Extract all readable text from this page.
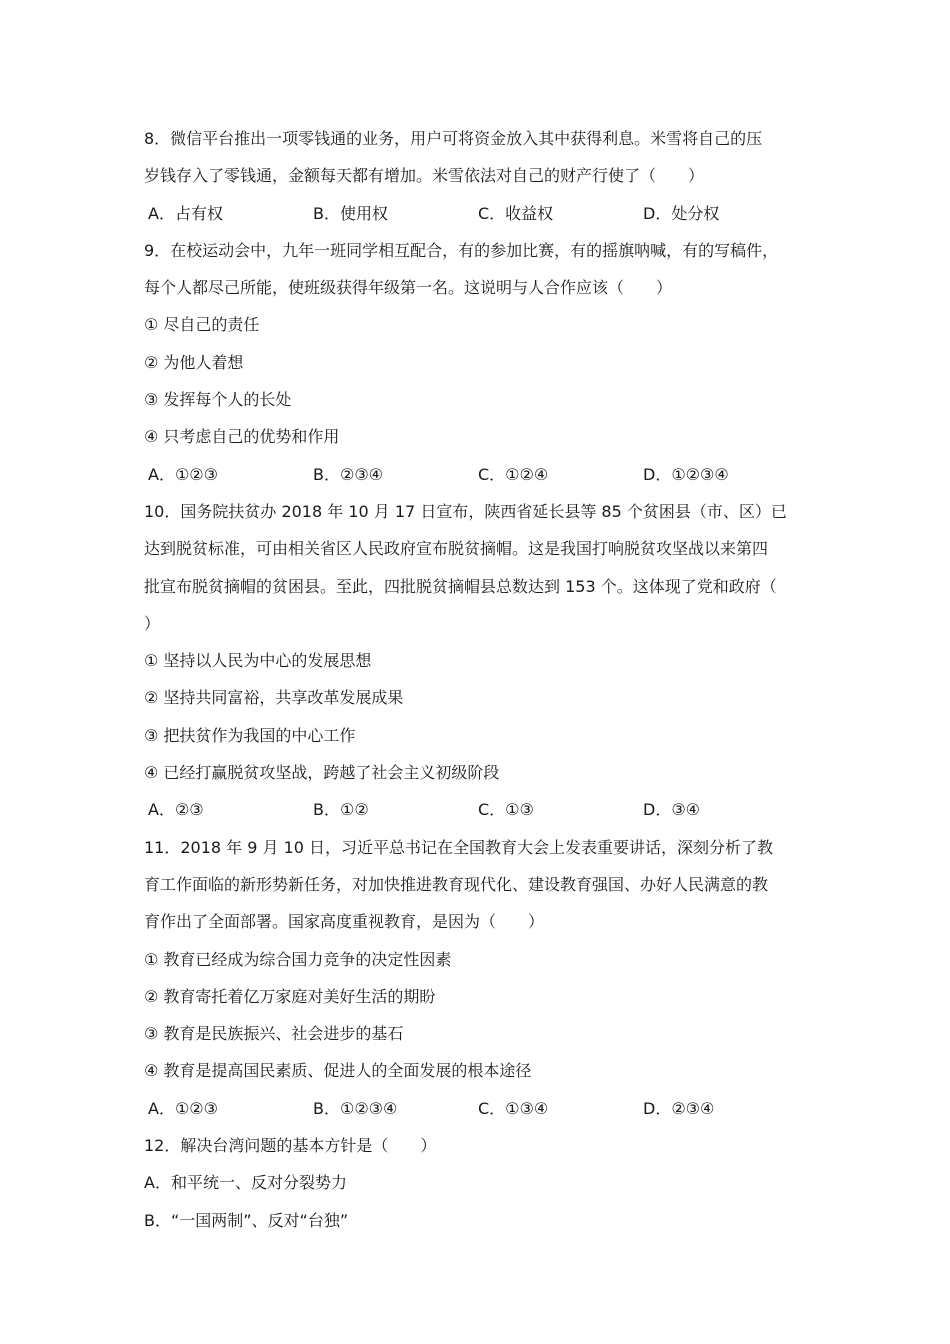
8．微信平台推出一项零钱通的业务，用户可将资金放入其中获得利息。米雪将自己的压
岁钱存入了零钱通，金额每天都有增加。米雪依法对自己的财产行使了（　　）
A．占有权	B．使用权	C．收益权	D．处分权
9．在校运动会中，九年一班同学相互配合，有的参加比赛，有的摇旗呐喊，有的写稿件，
每个人都尽己所能，使班级获得年级第一名。这说明与人合作应该（　　）
① 尽自己的责任
② 为他人着想
③ 发挥每个人的长处
④ 只考虑自己的优势和作用
A．①②③	B．②③④	C．①②④	D．①②③④
10．国务院扶贫办 2018 年 10 月 17 日宣布，陕西省延长县等 85 个贫困县（市、区）已
达到脱贫标准，可由相关省区人民政府宣布脱贫摘帽。这是我国打响脱贫攻坚战以来第四
批宣布脱贫摘帽的贫困县。至此，四批脱贫摘帽县总数达到 153 个。这体现了党和政府（
）
① 坚持以人民为中心的发展思想
② 坚持共同富裕，共享改革发展成果
③ 把扶贫作为我国的中心工作
④ 已经打赢脱贫攻坚战，跨越了社会主义初级阶段
A．②③	B．①②	C．①③	D．③④
11．2018 年 9 月 10 日，习近平总书记在全国教育大会上发表重要讲话，深刻分析了教
育工作面临的新形势新任务，对加快推进教育现代化、建设教育强国、办好人民满意的教
育作出了全面部署。国家高度重视教育，是因为（　　）
① 教育已经成为综合国力竞争的决定性因素
② 教育寄托着亿万家庭对美好生活的期盼
③ 教育是民族振兴、社会进步的基石
④ 教育是提高国民素质、促进人的全面发展的根本途径
A．①②③	B．①②③④	C．①③④	D．②③④
12．解决台湾问题的基本方针是（　　）
A．和平统一、反对分裂势力
B．“一国两制”、反对“台独”
